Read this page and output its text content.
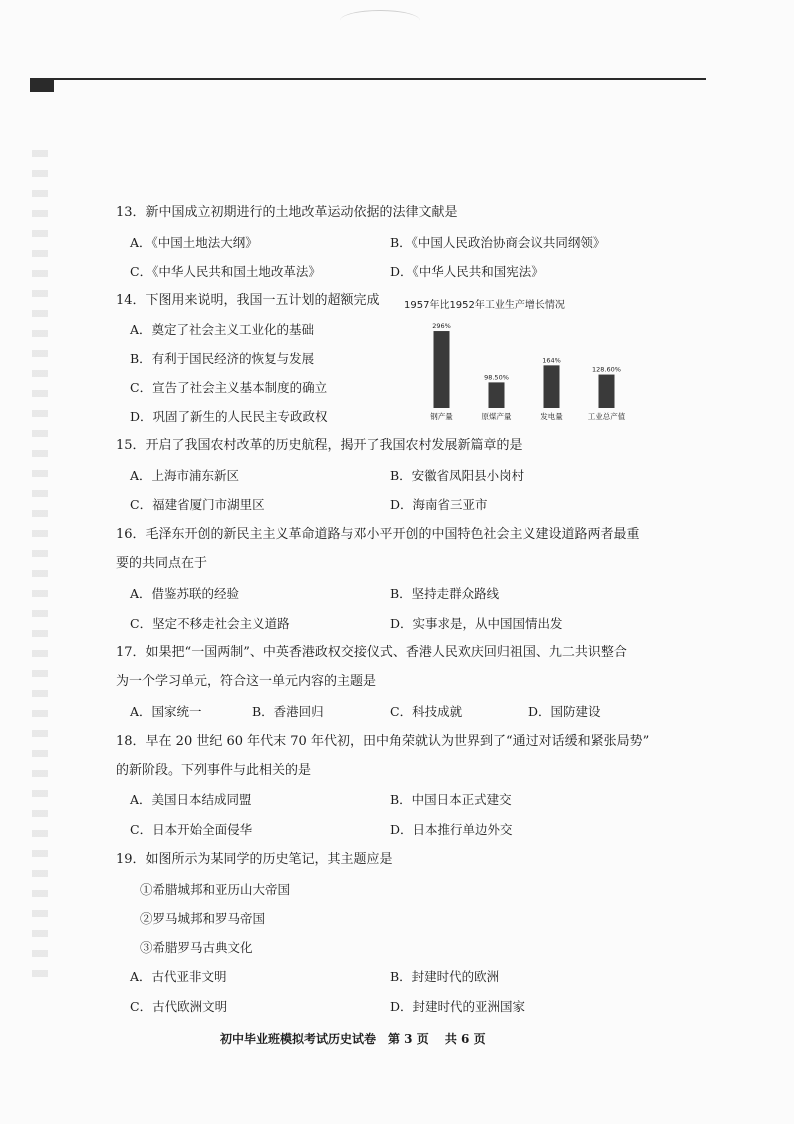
13．新中国成立初期进行的土地改革运动依据的法律文献是
A．《中国土地法大纲》	B．《中国人民政治协商会议共同纲领》
C．《中华人民共和国土地改革法》	D．《中华人民共和国宪法》
14．下图用来说明，我国一五计划的超额完成
A．奠定了社会主义工业化的基础
B．有利于国民经济的恢复与发展
C．宣告了社会主义基本制度的确立
D．巩固了新生的人民民主专政政权
1957年比1952年工业生产增长情况
296%
钢产量
98.50%
原煤产量
164%
发电量
128.60%
工业总产值
15．开启了我国农村改革的历史航程，揭开了我国农村发展新篇章的是
A．上海市浦东新区	B．安徽省凤阳县小岗村
C．福建省厦门市湖里区	D．海南省三亚市
16．毛泽东开创的新民主主义革命道路与邓小平开创的中国特色社会主义建设道路两者最重
要的共同点在于
A．借鉴苏联的经验	B．坚持走群众路线
C．坚定不移走社会主义道路	D．实事求是，从中国国情出发
17．如果把“一国两制”、中英香港政权交接仪式、香港人民欢庆回归祖国、九二共识整合
为一个学习单元，符合这一单元内容的主题是
A．国家统一	B．香港回归	C．科技成就	D．国防建设
18．早在 20 世纪 60 年代末 70 年代初，田中角荣就认为世界到了“通过对话缓和紧张局势”
的新阶段。下列事件与此相关的是
A．美国日本结成同盟	B．中国日本正式建交
C．日本开始全面侵华	D．日本推行单边外交
19．如图所示为某同学的历史笔记，其主题应是
①希腊城邦和亚历山大帝国
②罗马城邦和罗马帝国
③希腊罗马古典文化
A．古代亚非文明	B．封建时代的欧洲
C．古代欧洲文明	D．封建时代的亚洲国家
初中毕业班模拟考试历史试卷　第 3 页　 共 6 页
